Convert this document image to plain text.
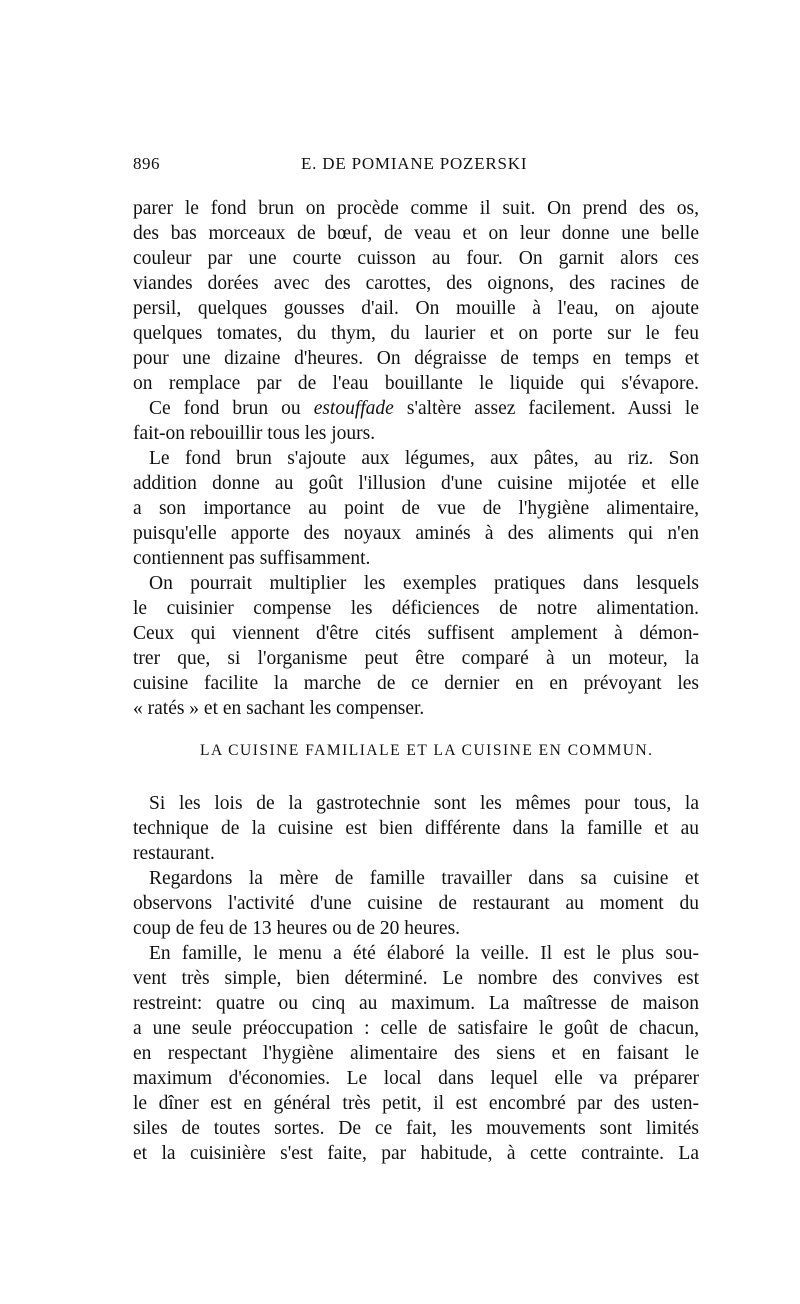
896	E. DE POMIANE POZERSKI
parer le fond brun on procède comme il suit. On prend des os,
des bas morceaux de bœuf, de veau et on leur donne une belle
couleur par une courte cuisson au four. On garnit alors ces
viandes dorées avec des carottes, des oignons, des racines de
persil, quelques gousses d'ail. On mouille à l'eau, on ajoute
quelques tomates, du thym, du laurier et on porte sur le feu
pour une dizaine d'heures. On dégraisse de temps en temps et
on remplace par de l'eau bouillante le liquide qui s'évapore.
Ce fond brun ou estouffade s'altère assez facilement. Aussi le
fait-on rebouillir tous les jours.
Le fond brun s'ajoute aux légumes, aux pâtes, au riz. Son
addition donne au goût l'illusion d'une cuisine mijotée et elle
a son importance au point de vue de l'hygiène alimentaire,
puisqu'elle apporte des noyaux aminés à des aliments qui n'en
contiennent pas suffisamment.
On pourrait multiplier les exemples pratiques dans lesquels
le cuisinier compense les déficiences de notre alimentation.
Ceux qui viennent d'être cités suffisent amplement à démon-
trer que, si l'organisme peut être comparé à un moteur, la
cuisine facilite la marche de ce dernier en en prévoyant les
« ratés » et en sachant les compenser.
LA CUISINE FAMILIALE ET LA CUISINE EN COMMUN.
Si les lois de la gastrotechnie sont les mêmes pour tous, la
technique de la cuisine est bien différente dans la famille et au
restaurant.
Regardons la mère de famille travailler dans sa cuisine et
observons l'activité d'une cuisine de restaurant au moment du
coup de feu de 13 heures ou de 20 heures.
En famille, le menu a été élaboré la veille. Il est le plus sou-
vent très simple, bien déterminé. Le nombre des convives est
restreint: quatre ou cinq au maximum. La maîtresse de maison
a une seule préoccupation : celle de satisfaire le goût de chacun,
en respectant l'hygiène alimentaire des siens et en faisant le
maximum d'économies. Le local dans lequel elle va préparer
le dîner est en général très petit, il est encombré par des usten-
siles de toutes sortes. De ce fait, les mouvements sont limités
et la cuisinière s'est faite, par habitude, à cette contrainte. La
